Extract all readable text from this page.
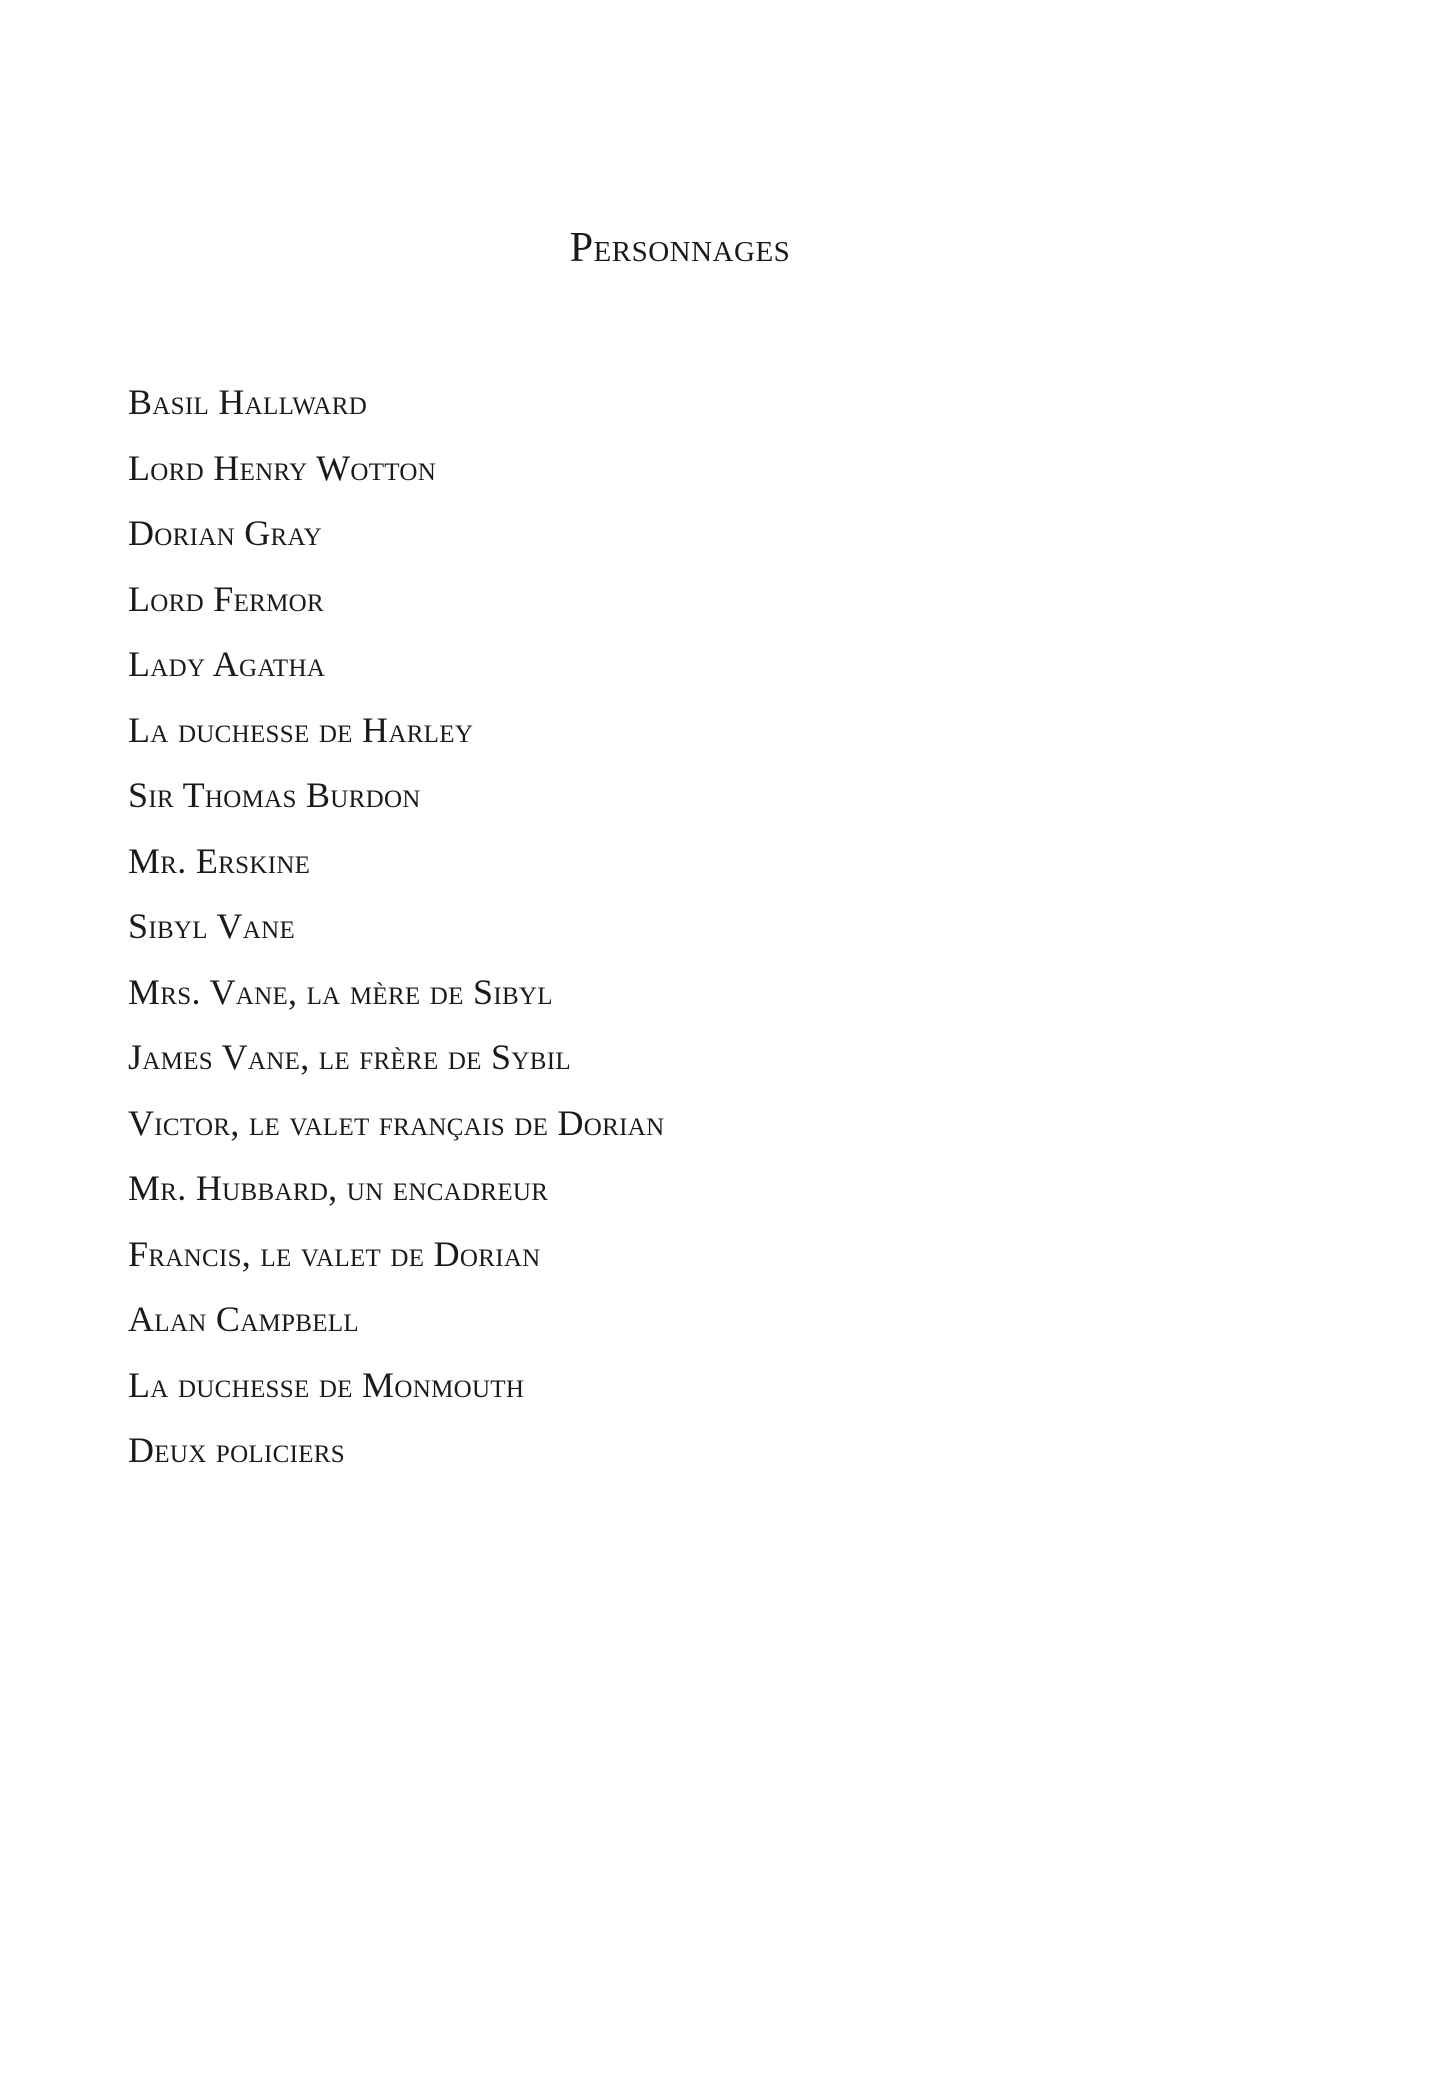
Personnages
Basil Hallward
Lord Henry Wotton
Dorian Gray
Lord Fermor
Lady Agatha
La duchesse de Harley
Sir Thomas Burdon
Mr. Erskine
Sibyl Vane
Mrs. Vane, la mère de Sibyl
James Vane, le frère de Sybil
Victor, le valet français de Dorian
Mr. Hubbard, un encadreur
Francis, le valet de Dorian
Alan Campbell
La duchesse de Monmouth
Deux policiers
